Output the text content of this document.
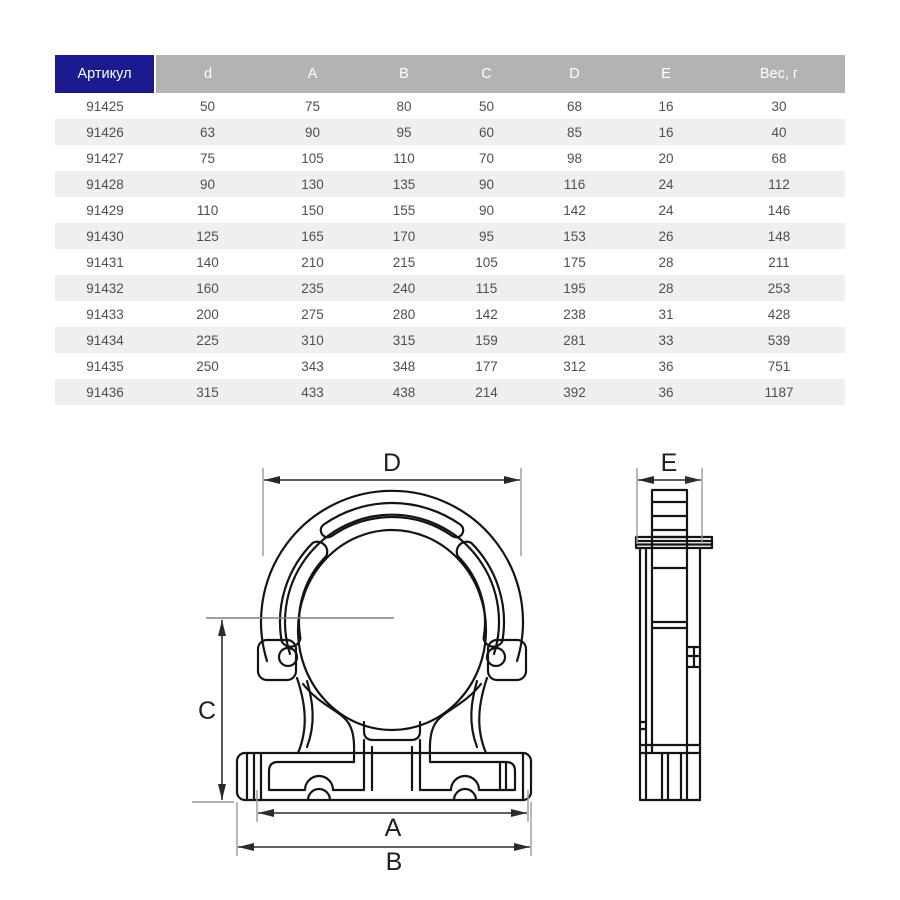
Артикул	d	A	B	C	D	E	Вес, г
91425	50	75	80	50	68	16	30
91426	63	90	95	60	85	16	40
91427	75	105	110	70	98	20	68
91428	90	130	135	90	116	24	112
91429	110	150	155	90	142	24	146
91430	125	165	170	95	153	26	148
91431	140	210	215	105	175	28	211
91432	160	235	240	115	195	28	253
91433	200	275	280	142	238	31	428
91434	225	310	315	159	281	33	539
91435	250	343	348	177	312	36	751
91436	315	433	438	214	392	36	1187
D
C
A
B
E
